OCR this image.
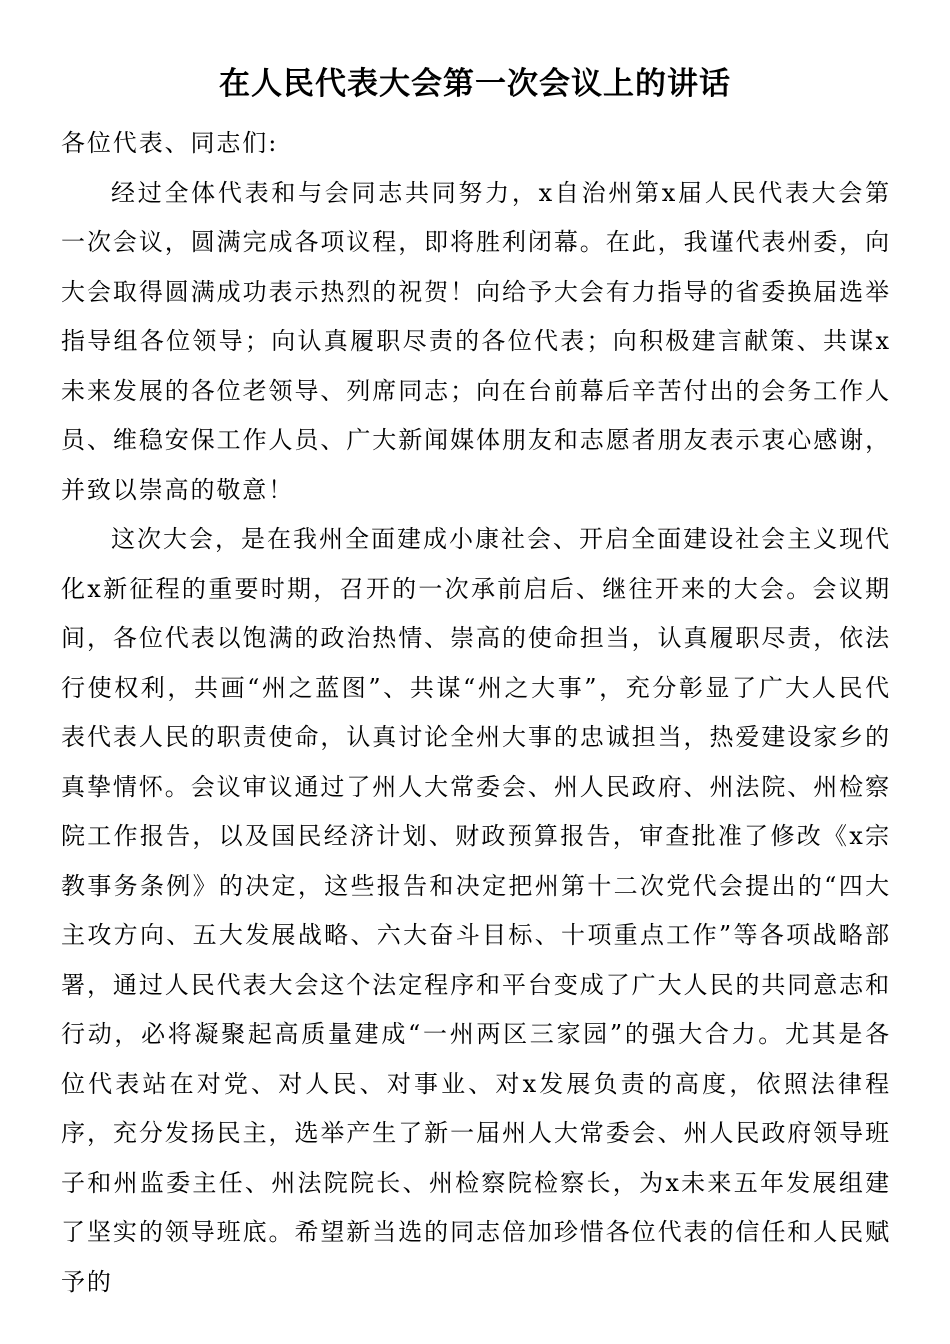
在人民代表大会第一次会议上的讲话

各位代表、同志们:

经过全体代表和与会同志共同努力，x自治州第x届人民代表大会第一次会议，圆满完成各项议程，即将胜利闭幕。在此，我谨代表州委，向大会取得圆满成功表示热烈的祝贺！向给予大会有力指导的省委换届选举指导组各位领导；向认真履职尽责的各位代表；向积极建言献策、共谋x未来发展的各位老领导、列席同志；向在台前幕后辛苦付出的会务工作人员、维稳安保工作人员、广大新闻媒体朋友和志愿者朋友表示衷心感谢，并致以崇高的敬意！

这次大会，是在我州全面建成小康社会、开启全面建设社会主义现代化x新征程的重要时期，召开的一次承前启后、继往开来的大会。会议期间，各位代表以饱满的政治热情、崇高的使命担当，认真履职尽责，依法行使权利，共画“州之蓝图”、共谋“州之大事”，充分彰显了广大人民代表代表人民的职责使命，认真讨论全州大事的忠诚担当，热爱建设家乡的真挚情怀。会议审议通过了州人大常委会、州人民政府、州法院、州检察院工作报告，以及国民经济计划、财政预算报告，审查批准了修改《x宗教事务条例》的决定，这些报告和决定把州第十二次党代会提出的“四大主攻方向、五大发展战略、六大奋斗目标、十项重点工作”等各项战略部署，通过人民代表大会这个法定程序和平台变成了广大人民的共同意志和行动，必将凝聚起高质量建成“一州两区三家园”的强大合力。尤其是各位代表站在对党、对人民、对事业、对x发展负责的高度，依照法律程序，充分发扬民主，选举产生了新一届州人大常委会、州人民政府领导班子和州监委主任、州法院院长、州检察院检察长，为x未来五年发展组建了坚实的领导班底。希望新当选的同志倍加珍惜各位代表的信任和人民赋予的
